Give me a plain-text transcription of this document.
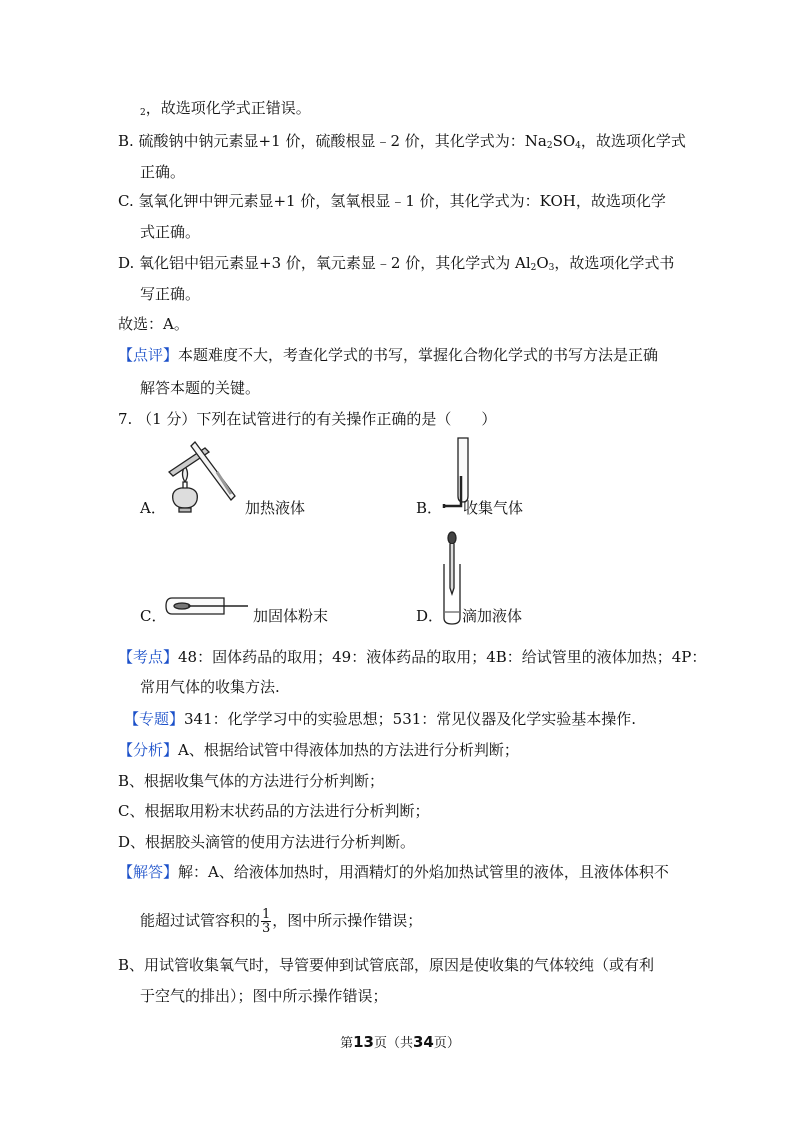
$_2$，故选项化学式正错误。
B. 硫酸钠中钠元素显+1 价，硫酸根显﹣2 价，其化学式为：$Na_2SO_4$，故选项化学式
正确。
C. 氢氧化钾中钾元素显+1 价，氢氧根显﹣1 价，其化学式为：KOH，故选项化学
式正确。
D. 氧化铝中铝元素显+3 价，氧元素显﹣2 价，其化学式为 $Al_2O_3$，故选项化学式书
写正确。
故选：A。
【点评】本题难度不大，考查化学式的书写，掌握化合物化学式的书写方法是正确
解答本题的关键。
7. （1 分）下列在试管进行的有关操作正确的是（　　）
A．	加热液体	B． 收集气体
C．	加固体粉末	D． 滴加液体
【考点】48：固体药品的取用；49：液体药品的取用；4B：给试管里的液体加热；4P：
常用气体的收集方法.
【专题】341：化学学习中的实验思想；531：常见仪器及化学实验基本操作.
【分析】A、根据给试管中得液体加热的方法进行分析判断；
B、根据收集气体的方法进行分析判断；
C、根据取用粉末状药品的方法进行分析判断；
D、根据胶头滴管的使用方法进行分析判断。
【解答】解：A、给液体加热时，用酒精灯的外焰加热试管里的液体，且液体体积不
能超过试管容积的 $\frac{1}{3}$ ，图中所示操作错误；
B、用试管收集氧气时，导管要伸到试管底部，原因是使收集的气体较纯（或有利
于空气的排出）；图中所示操作错误；
第13页（共34页）
